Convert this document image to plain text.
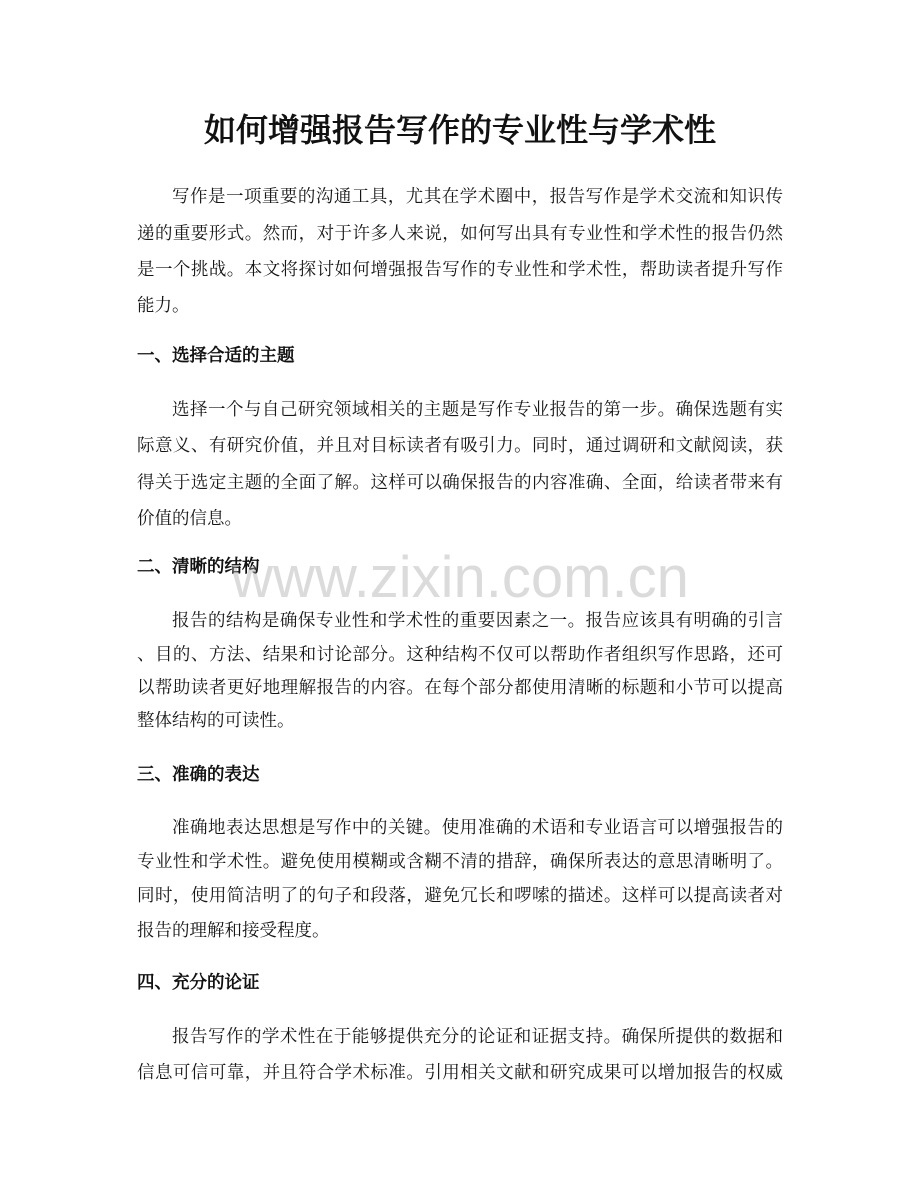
如何增强报告写作的专业性与学术性
写作是一项重要的沟通工具，尤其在学术圈中，报告写作是学术交流和知识传
递的重要形式。然而，对于许多人来说，如何写出具有专业性和学术性的报告仍然
是一个挑战。本文将探讨如何增强报告写作的专业性和学术性，帮助读者提升写作
能力。
一、选择合适的主题
选择一个与自己研究领域相关的主题是写作专业报告的第一步。确保选题有实
际意义、有研究价值，并且对目标读者有吸引力。同时，通过调研和文献阅读，获
得关于选定主题的全面了解。这样可以确保报告的内容准确、全面，给读者带来有
价值的信息。
二、清晰的结构
报告的结构是确保专业性和学术性的重要因素之一。报告应该具有明确的引言
、目的、方法、结果和讨论部分。这种结构不仅可以帮助作者组织写作思路，还可
以帮助读者更好地理解报告的内容。在每个部分都使用清晰的标题和小节可以提高
整体结构的可读性。
三、准确的表达
准确地表达思想是写作中的关键。使用准确的术语和专业语言可以增强报告的
专业性和学术性。避免使用模糊或含糊不清的措辞，确保所表达的意思清晰明了。
同时，使用简洁明了的句子和段落，避免冗长和啰嗦的描述。这样可以提高读者对
报告的理解和接受程度。
四、充分的论证
报告写作的学术性在于能够提供充分的论证和证据支持。确保所提供的数据和
信息可信可靠，并且符合学术标准。引用相关文献和研究成果可以增加报告的权威
www.zixin.com.cn
